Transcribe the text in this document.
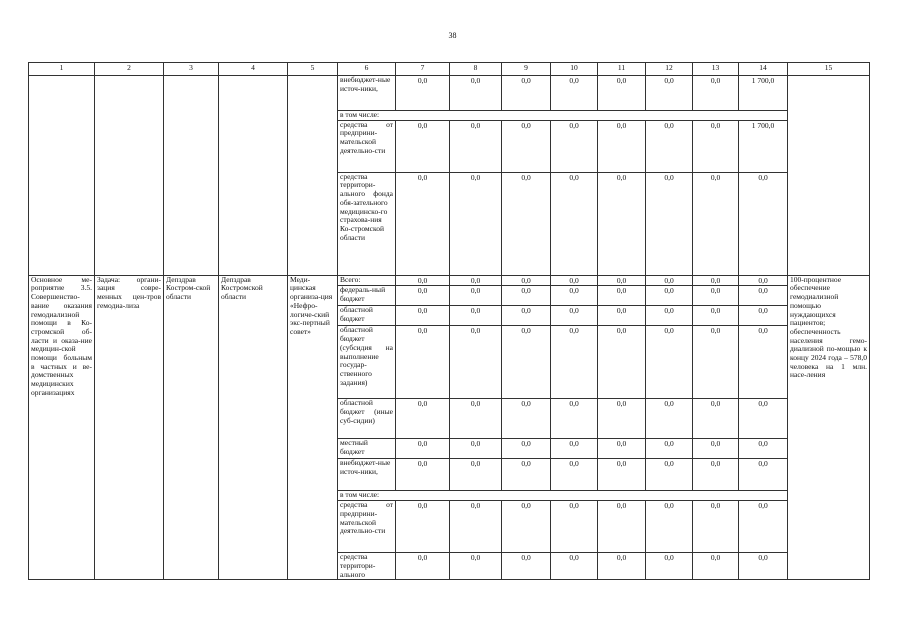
38
1	2	3	4	5	6	7	8	9	10	11	12	13	14	15
					внебюджет-ные источ-ники,	0,0	0,0	0,0	0,0	0,0	0,0	0,0	1 700,0	
					в том числе:									
					средства от предприни-мательской деятельно-сти	0,0	0,0	0,0	0,0	0,0	0,0	0,0	1 700,0	
					средства территори-ального фонда обя-зательного медицинско-го страхова-ния Ко-стромской области	0,0	0,0	0,0	0,0	0,0	0,0	0,0	0,0	
Основное ме-роприятие 3.5. Совершенство-вание оказания гемодиализной помощи в Ко-стромской об-ласти и оказа-ние медицин-ской помощи больным в частных и ве-домственных медицинских организациях	Задача: органи-зация совре-менных цен-тров гемодиа-лиза	Депздрав Костром-ской области	Депздрав Костромской области	Меди-цинская организа-ция «Нефро-логиче-ский экс-пертный совет»	Всего:	0,0	0,0	0,0	0,0	0,0	0,0	0,0	0,0	100-процентное обеспечение гемодиализной помощью нуждающихся пациентов; обеспеченность населения гемо-диализной по-мощью к концу 2024 года – 578,0 человека на 1 млн. насе-ления
					федераль-ный бюджет	0,0	0,0	0,0	0,0	0,0	0,0	0,0	0,0	
					областной бюджет	0,0	0,0	0,0	0,0	0,0	0,0	0,0	0,0	
					областной бюджет (субсидия на выполнение государ-ственного задания)	0,0	0,0	0,0	0,0	0,0	0,0	0,0	0,0	
					областной бюджет (иные суб-сидии)	0,0	0,0	0,0	0,0	0,0	0,0	0,0	0,0	
					местный бюджет	0,0	0,0	0,0	0,0	0,0	0,0	0,0	0,0	
					внебюджет-ные источ-ники,	0,0	0,0	0,0	0,0	0,0	0,0	0,0	0,0	
					в том числе:									
					средства от предприни-мательской деятельно-сти	0,0	0,0	0,0	0,0	0,0	0,0	0,0	0,0	
					средства территори-ального	0,0	0,0	0,0	0,0	0,0	0,0	0,0	0,0	
